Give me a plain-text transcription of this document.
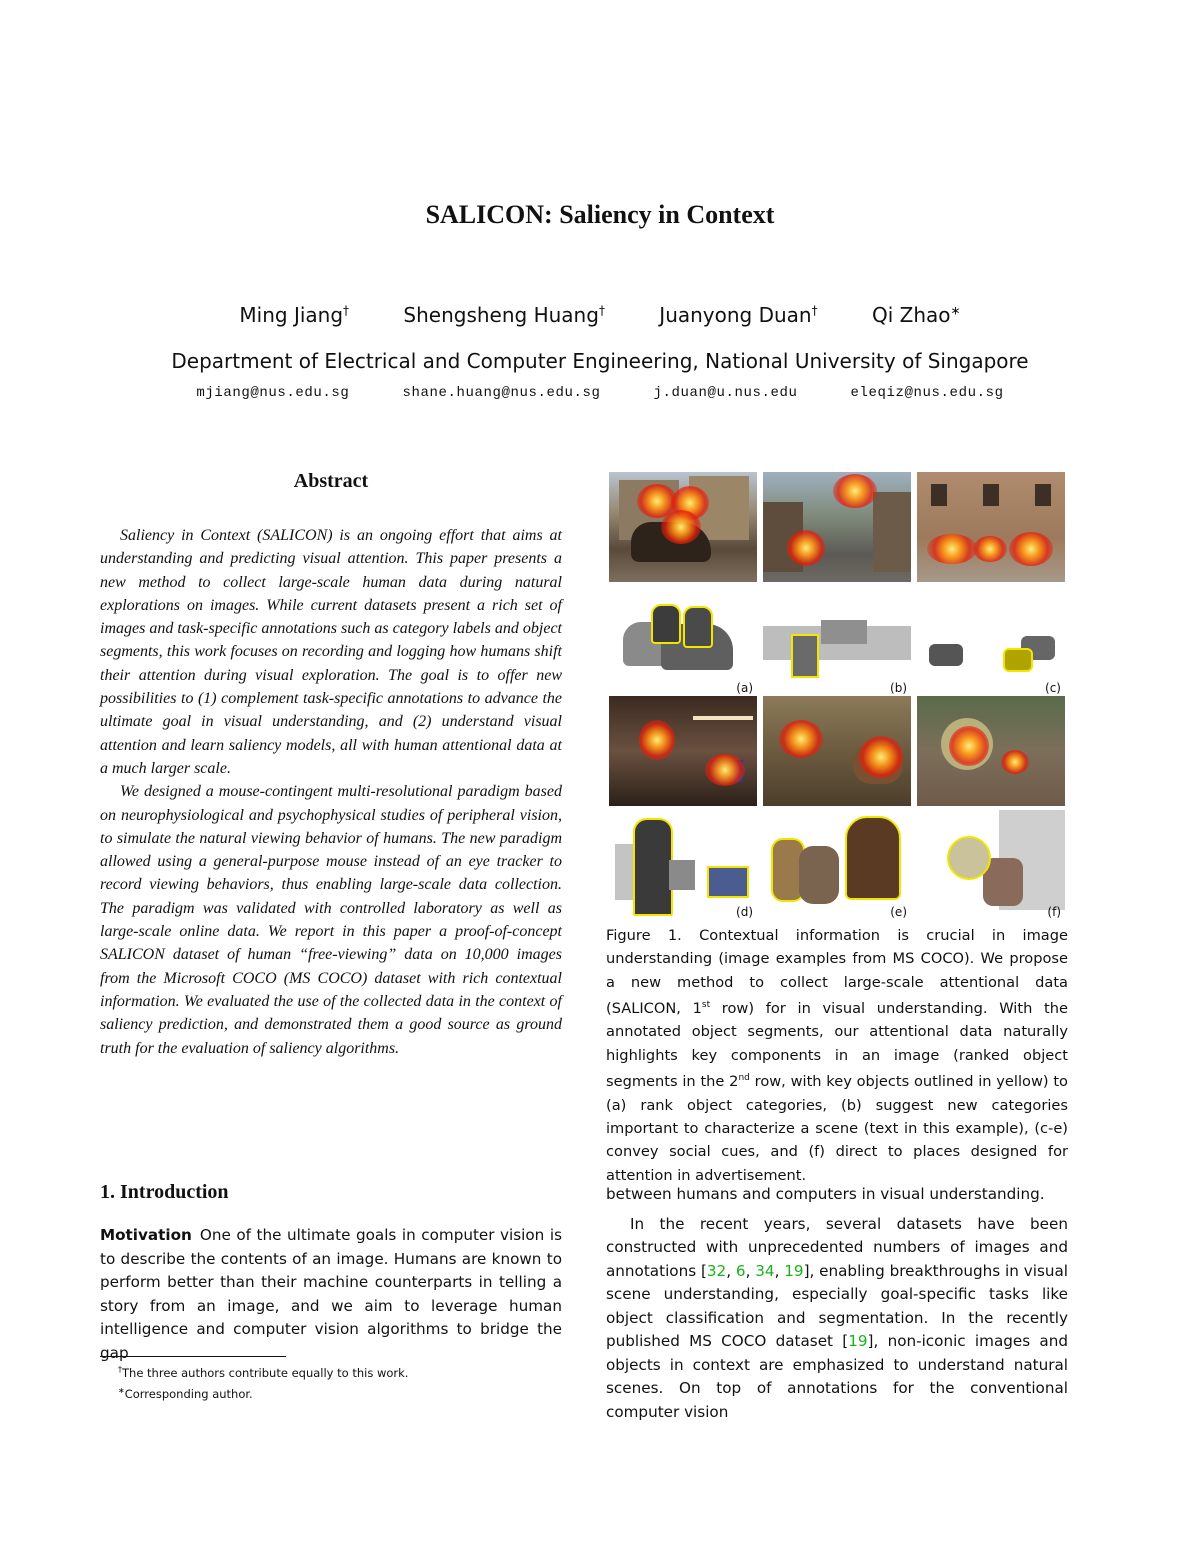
SALICON: Saliency in Context
Ming Jiang†	Shengsheng Huang†	Juanyong Duan†	Qi Zhao∗
Department of Electrical and Computer Engineering, National University of Singapore
mjiang@nus.edu.sg	shane.huang@nus.edu.sg	j.duan@u.nus.edu	eleqiz@nus.edu.sg
Abstract

Saliency in Context (SALICON) is an ongoing effort that aims at understanding and predicting visual attention. This paper presents a new method to collect large-scale human data during natural explorations on images. While current datasets present a rich set of images and task-specific annotations such as category labels and object segments, this work focuses on recording and logging how humans shift their attention during visual exploration. The goal is to offer new possibilities to (1) complement task-specific annotations to advance the ultimate goal in visual understanding, and (2) understand visual attention and learn saliency models, all with human attentional data at a much larger scale.

We designed a mouse-contingent multi-resolutional paradigm based on neurophysiological and psychophysical studies of peripheral vision, to simulate the natural viewing behavior of humans. The new paradigm allowed using a general-purpose mouse instead of an eye tracker to record viewing behaviors, thus enabling large-scale data collection. The paradigm was validated with controlled laboratory as well as large-scale online data. We report in this paper a proof-of-concept SALICON dataset of human “free-viewing” data on 10,000 images from the Microsoft COCO (MS COCO) dataset with rich contextual information. We evaluated the use of the collected data in the context of saliency prediction, and demonstrated them a good source as ground truth for the evaluation of saliency algorithms.

(a)	(b)	(c)
(d)	(e)	(f)

Figure 1. Contextual information is crucial in image understanding (image examples from MS COCO). We propose a new method to collect large-scale attentional data (SALICON, 1st row) for in visual understanding. With the annotated object segments, our attentional data naturally highlights key components in an image (ranked object segments in the 2nd row, with key objects outlined in yellow) to (a) rank object categories, (b) suggest new categories important to characterize a scene (text in this example), (c-e) convey social cues, and (f) direct to places designed for attention in advertisement.

1. Introduction

Motivation One of the ultimate goals in computer vision is to describe the contents of an image. Humans are known to perform better than their machine counterparts in telling a story from an image, and we aim to leverage human intelligence and computer vision algorithms to bridge the gap

†The three authors contribute equally to this work.
∗Corresponding author.

between humans and computers in visual understanding.

In the recent years, several datasets have been constructed with unprecedented numbers of images and annotations [32, 6, 34, 19], enabling breakthroughs in visual scene understanding, especially goal-specific tasks like object classification and segmentation. In the recently published MS COCO dataset [19], non-iconic images and objects in context are emphasized to understand natural scenes. On top of annotations for the conventional computer vision
